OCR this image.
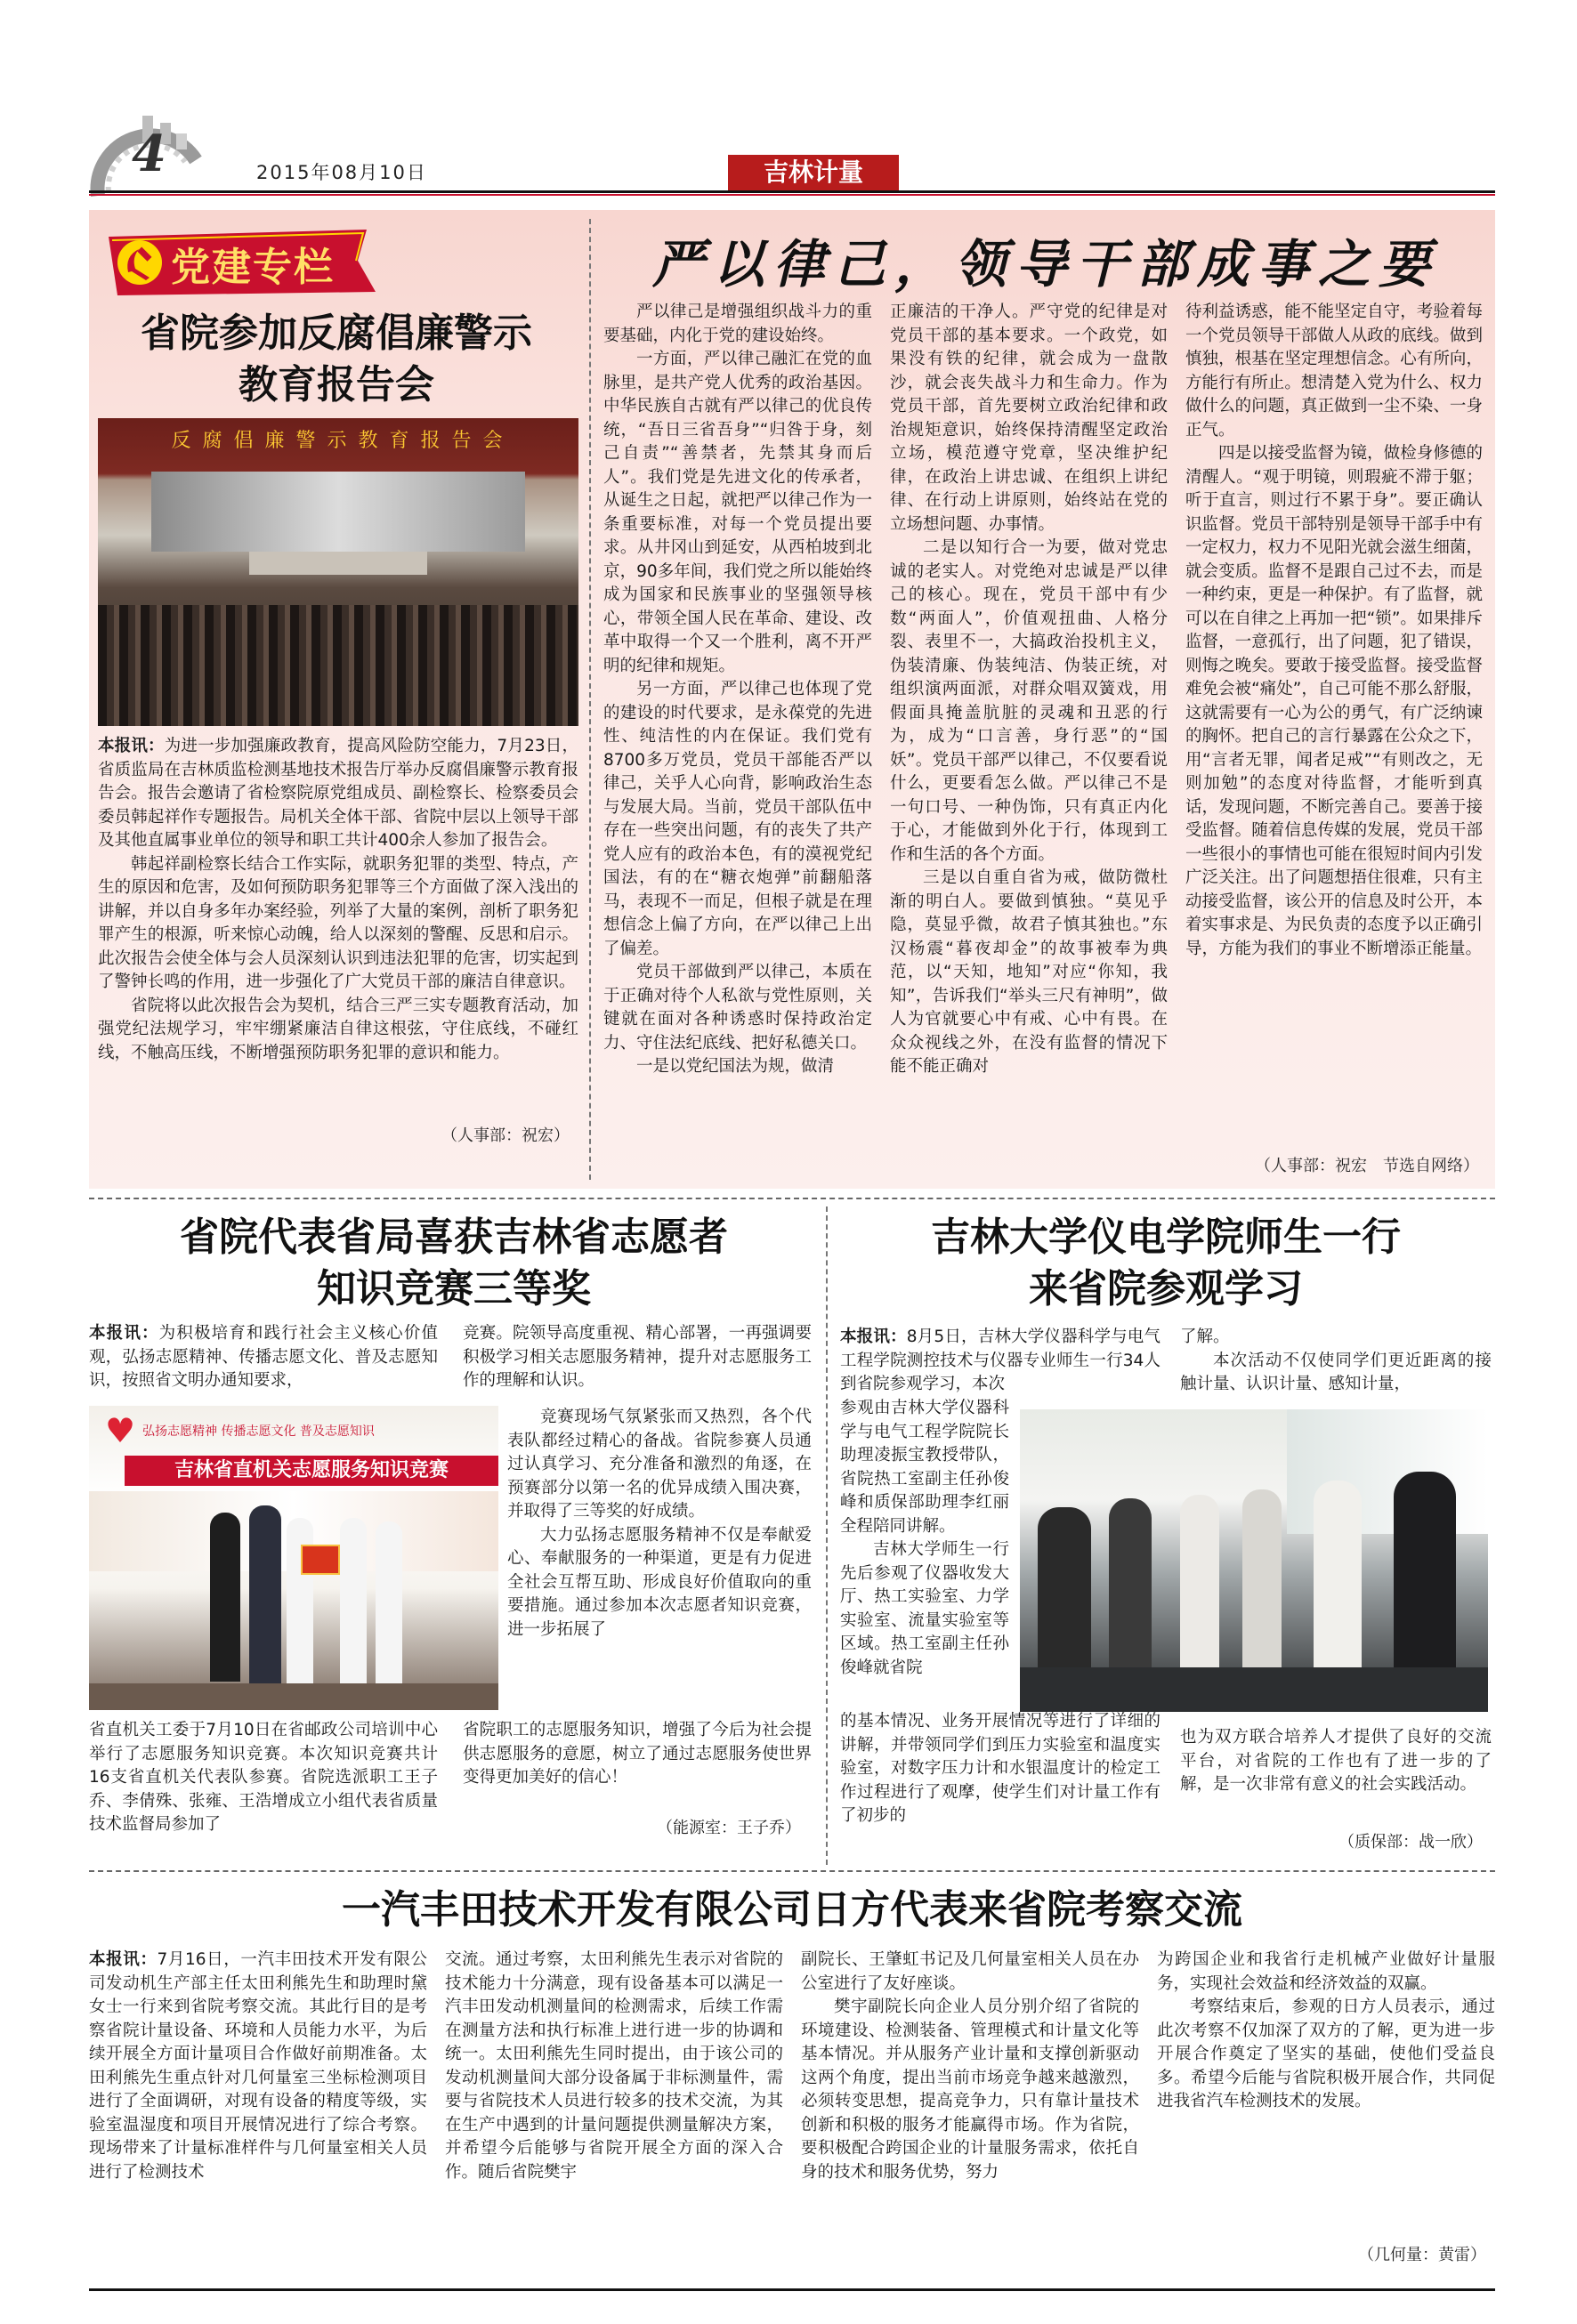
4	2015年08月10日	吉林计量
党建专栏
省院参加反腐倡廉警示
教育报告会
反 腐 倡 廉 警 示 教 育 报 告 会

本报讯：为进一步加强廉政教育，提高风险防空能力，7月23日，省质监局在吉林质监检测基地技术报告厅举办反腐倡廉警示教育报告会。报告会邀请了省检察院原党组成员、副检察长、检察委员会委员韩起祥作专题报告。局机关全体干部、省院中层以上领导干部及其他直属事业单位的领导和职工共计400余人参加了报告会。

韩起祥副检察长结合工作实际，就职务犯罪的类型、特点，产生的原因和危害，及如何预防职务犯罪等三个方面做了深入浅出的讲解，并以自身多年办案经验，列举了大量的案例，剖析了职务犯罪产生的根源，听来惊心动魄，给人以深刻的警醒、反思和启示。此次报告会使全体与会人员深刻认识到违法犯罪的危害，切实起到了警钟长鸣的作用，进一步强化了广大党员干部的廉洁自律意识。

省院将以此次报告会为契机，结合三严三实专题教育活动，加强党纪法规学习，牢牢绷紧廉洁自律这根弦，守住底线，不碰红线，不触高压线，不断增强预防职务犯罪的意识和能力。

（人事部：祝宏）
严以律己，领导干部成事之要

严以律己是增强组织战斗力的重要基础，内化于党的建设始终。

一方面，严以律己融汇在党的血脉里，是共产党人优秀的政治基因。中华民族自古就有严以律己的优良传统，“吾日三省吾身”“归咎于身，刻己自责”“善禁者，先禁其身而后人”。我们党是先进文化的传承者，从诞生之日起，就把严以律己作为一条重要标准，对每一个党员提出要求。从井冈山到延安，从西柏坡到北京，90多年间，我们党之所以能始终成为国家和民族事业的坚强领导核心，带领全国人民在革命、建设、改革中取得一个又一个胜利，离不开严明的纪律和规矩。

另一方面，严以律己也体现了党的建设的时代要求，是永葆党的先进性、纯洁性的内在保证。我们党有8700多万党员，党员干部能否严以律己，关乎人心向背，影响政治生态与发展大局。当前，党员干部队伍中存在一些突出问题，有的丧失了共产党人应有的政治本色，有的漠视党纪国法，有的在“糖衣炮弹”前翻船落马，表现不一而足，但根子就是在理想信念上偏了方向，在严以律己上出了偏差。

党员干部做到严以律己，本质在于正确对待个人私欲与党性原则，关键就在面对各种诱惑时保持政治定力、守住法纪底线、把好私德关口。

一是以党纪国法为规，做清

正廉洁的干净人。严守党的纪律是对党员干部的基本要求。一个政党，如果没有铁的纪律，就会成为一盘散沙，就会丧失战斗力和生命力。作为党员干部，首先要树立政治纪律和政治规矩意识，始终保持清醒坚定政治立场，模范遵守党章，坚决维护纪律，在政治上讲忠诚、在组织上讲纪律、在行动上讲原则，始终站在党的立场想问题、办事情。

二是以知行合一为要，做对党忠诚的老实人。对党绝对忠诚是严以律己的核心。现在，党员干部中有少数“两面人”，价值观扭曲、人格分裂、表里不一，大搞政治投机主义，伪装清廉、伪装纯洁、伪装正统，对组织演两面派，对群众唱双簧戏，用假面具掩盖肮脏的灵魂和丑恶的行为，成为“口言善，身行恶”的“国妖”。党员干部严以律己，不仅要看说什么，更要看怎么做。严以律己不是一句口号、一种伪饰，只有真正内化于心，才能做到外化于行，体现到工作和生活的各个方面。

三是以自重自省为戒，做防微杜渐的明白人。要做到慎独。“莫见乎隐，莫显乎微，故君子慎其独也。”东汉杨震“暮夜却金”的故事被奉为典范，以“天知，地知”对应“你知，我知”，告诉我们“举头三尺有神明”，做人为官就要心中有戒、心中有畏。在众众视线之外，在没有监督的情况下能不能正确对

待利益诱惑，能不能坚定自守，考验着每一个党员领导干部做人从政的底线。做到慎独，根基在坚定理想信念。心有所向，方能行有所止。想清楚入党为什么、权力做什么的问题，真正做到一尘不染、一身正气。

四是以接受监督为镜，做检身修德的清醒人。“观于明镜，则瑕疵不滞于躯；听于直言，则过行不累于身”。要正确认识监督。党员干部特别是领导干部手中有一定权力，权力不见阳光就会滋生细菌，就会变质。监督不是跟自己过不去，而是一种约束，更是一种保护。有了监督，就可以在自律之上再加一把“锁”。如果排斥监督，一意孤行，出了问题，犯了错误，则悔之晚矣。要敢于接受监督。接受监督难免会被“痛处”，自己可能不那么舒服，这就需要有一心为公的勇气，有广泛纳谏的胸怀。把自己的言行暴露在公众之下，用“言者无罪，闻者足戒”“有则改之，无则加勉”的态度对待监督，才能听到真话，发现问题，不断完善自己。要善于接受监督。随着信息传媒的发展，党员干部一些很小的事情也可能在很短时间内引发广泛关注。出了问题想捂住很难，只有主动接受监督，该公开的信息及时公开，本着实事求是、为民负责的态度予以正确引导，方能为我们的事业不断增添正能量。

（人事部：祝宏　节选自网络）
省院代表省局喜获吉林省志愿者
知识竞赛三等奖

本报讯：为积极培育和践行社会主义核心价值观，弘扬志愿精神、传播志愿文化、普及志愿知识，按照省文明办通知要求，

竞赛。院领导高度重视、精心部署，一再强调要积极学习相关志愿服务精神，提升对志愿服务工作的理解和认识。

弘扬志愿精神 传播志愿文化 普及志愿知识
♥
吉林省直机关志愿服务知识竞赛

竞赛现场气氛紧张而又热烈，各个代表队都经过精心的备战。省院参赛人员通过认真学习、充分准备和激烈的角逐，在预赛部分以第一名的优异成绩入围决赛，并取得了三等奖的好成绩。

大力弘扬志愿服务精神不仅是奉献爱心、奉献服务的一种渠道，更是有力促进全社会互帮互助、形成良好价值取向的重要措施。通过参加本次志愿者知识竞赛，进一步拓展了

省直机关工委于7月10日在省邮政公司培训中心举行了志愿服务知识竞赛。本次知识竞赛共计16支省直机关代表队参赛。省院选派职工王子乔、李倩殊、张雍、王浩增成立小组代表省质量技术监督局参加了

省院职工的志愿服务知识，增强了今后为社会提供志愿服务的意愿，树立了通过志愿服务使世界变得更加美好的信心！

（能源室：王子乔）
吉林大学仪电学院师生一行
来省院参观学习

本报讯：8月5日，吉林大学仪器科学与电气工程学院测控技术与仪器专业师生一行34人到省院参观学习，本次

了解。

本次活动不仅使同学们更近距离的接触计量、认识计量、感知计量，

参观由吉林大学仪器科学与电气工程学院院长助理凌振宝教授带队，省院热工室副主任孙俊峰和质保部助理李红丽全程陪同讲解。

吉林大学师生一行先后参观了仪器收发大厅、热工实验室、力学实验室、流量实验室等区域。热工室副主任孙俊峰就省院

的基本情况、业务开展情况等进行了详细的讲解，并带领同学们到压力实验室和温度实验室，对数字压力计和水银温度计的检定工作过程进行了观摩，使学生们对计量工作有了初步的

也为双方联合培养人才提供了良好的交流平台，对省院的工作也有了进一步的了解，是一次非常有意义的社会实践活动。

（质保部：战一欣）
一汽丰田技术开发有限公司日方代表来省院考察交流

本报讯：7月16日，一汽丰田技术开发有限公司发动机生产部主任太田利熊先生和助理时黛女士一行来到省院考察交流。其此行目的是考察省院计量设备、环境和人员能力水平，为后续开展全方面计量项目合作做好前期准备。太田利熊先生重点针对几何量室三坐标检测项目进行了全面调研，对现有设备的精度等级，实验室温湿度和项目开展情况进行了综合考察。现场带来了计量标准样件与几何量室相关人员进行了检测技术

交流。通过考察，太田利熊先生表示对省院的技术能力十分满意，现有设备基本可以满足一汽丰田发动机测量间的检测需求，后续工作需在测量方法和执行标准上进行进一步的协调和统一。太田利熊先生同时提出，由于该公司的发动机测量间大部分设备属于非标测量件，需要与省院技术人员进行较多的技术交流，为其在生产中遇到的计量问题提供测量解决方案，并希望今后能够与省院开展全方面的深入合作。随后省院樊宇

副院长、王肇虹书记及几何量室相关人员在办公室进行了友好座谈。

樊宇副院长向企业人员分别介绍了省院的环境建设、检测装备、管理模式和计量文化等基本情况。并从服务产业计量和支撑创新驱动这两个角度，提出当前市场竞争越来越激烈，必须转变思想，提高竞争力，只有靠计量技术创新和积极的服务才能赢得市场。作为省院，要积极配合跨国企业的计量服务需求，依托自身的技术和服务优势，努力

为跨国企业和我省行走机械产业做好计量服务，实现社会效益和经济效益的双赢。

考察结束后，参观的日方人员表示，通过此次考察不仅加深了双方的了解，更为进一步开展合作奠定了坚实的基础，使他们受益良多。希望今后能与省院积极开展合作，共同促进我省汽车检测技术的发展。

（几何量：黄雷）
